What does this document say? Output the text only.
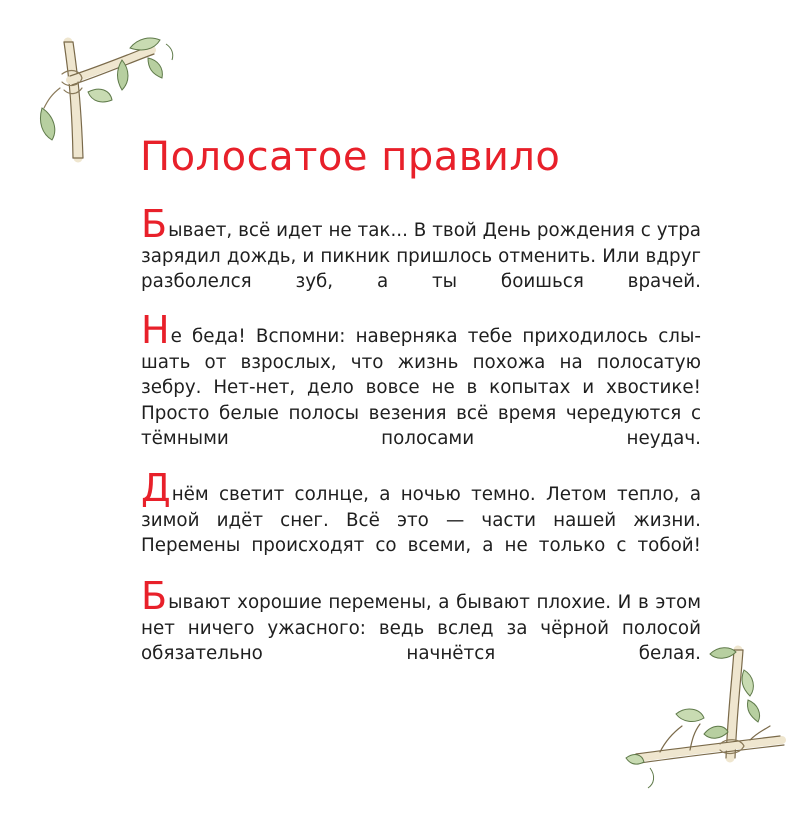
Полосатое правило

Бывает, всё идет не так... В твой День рождения с утра зарядил дождь, и пикник пришлось отменить. Или вдруг разболелся зуб, а ты боишься врачей.

Не беда! Вспомни: наверняка тебе приходилось слы- шать от взрослых, что жизнь похожа на полосатую зебру. Нет-нет, дело вовсе не в копытах и хвостике! Просто белые полосы везения всё время чередуются с тёмными полосами неудач.

Днём светит солнце, а ночью темно. Летом тепло, а зимой идёт снег. Всё это — части нашей жизни. Перемены происходят со всеми, а не только с тобой!

Бывают хорошие перемены, а бывают плохие. И в этом нет ничего ужасного: ведь вслед за чёрной полосой обязательно начнётся белая.
